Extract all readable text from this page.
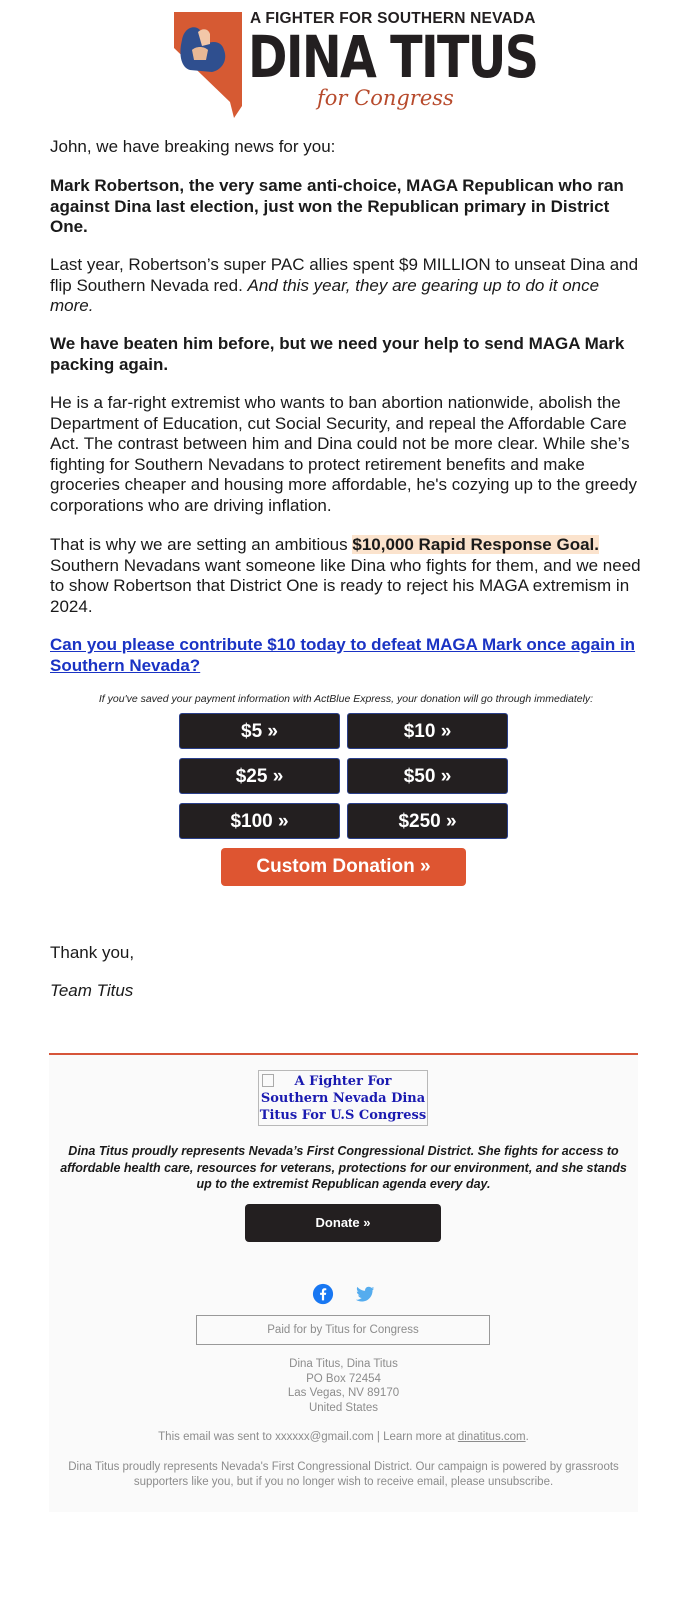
A FIGHTER FOR SOUTHERN NEVADA
DINA TITUS
for Congress

John, we have breaking news for you:

Mark Robertson, the very same anti-choice, MAGA Republican who ran against Dina last election, just won the Republican primary in District One.

Last year, Robertson’s super PAC allies spent $9 MILLION to unseat Dina and flip Southern Nevada red. And this year, they are gearing up to do it once more.

We have beaten him before, but we need your help to send MAGA Mark packing again.

He is a far-right extremist who wants to ban abortion nationwide, abolish the Department of Education, cut Social Security, and repeal the Affordable Care Act. The contrast between him and Dina could not be more clear. While she’s fighting for Southern Nevadans to protect retirement benefits and make groceries cheaper and housing more affordable, he's cozying up to the greedy corporations who are driving inflation.

That is why we are setting an ambitious $10,000 Rapid Response Goal. Southern Nevadans want someone like Dina who fights for them, and we need to show Robertson that District One is ready to reject his MAGA extremism in 2024.

Can you please contribute $10 today to defeat MAGA Mark once again in Southern Nevada?
If you've saved your payment information with ActBlue Express, your donation will go through immediately:
$5 »	$10 »
$25 »	$50 »
$100 »	$250 »
Custom Donation »
Thank you,
Team Titus
A Fighter For Southern Nevada Dina Titus For U.S Congress
Dina Titus proudly represents Nevada’s First Congressional District. She fights for access to affordable health care, resources for veterans, protections for our environment, and she stands up to the extremist Republican agenda every day.
Donate »
Paid for by Titus for Congress
Dina Titus, Dina Titus
PO Box 72454
Las Vegas, NV 89170
United States
This email was sent to xxxxxx@gmail.com | Learn more at dinatitus.com.
Dina Titus proudly represents Nevada's First Congressional District. Our campaign is powered by grassroots supporters like you, but if you no longer wish to receive email, please unsubscribe.
